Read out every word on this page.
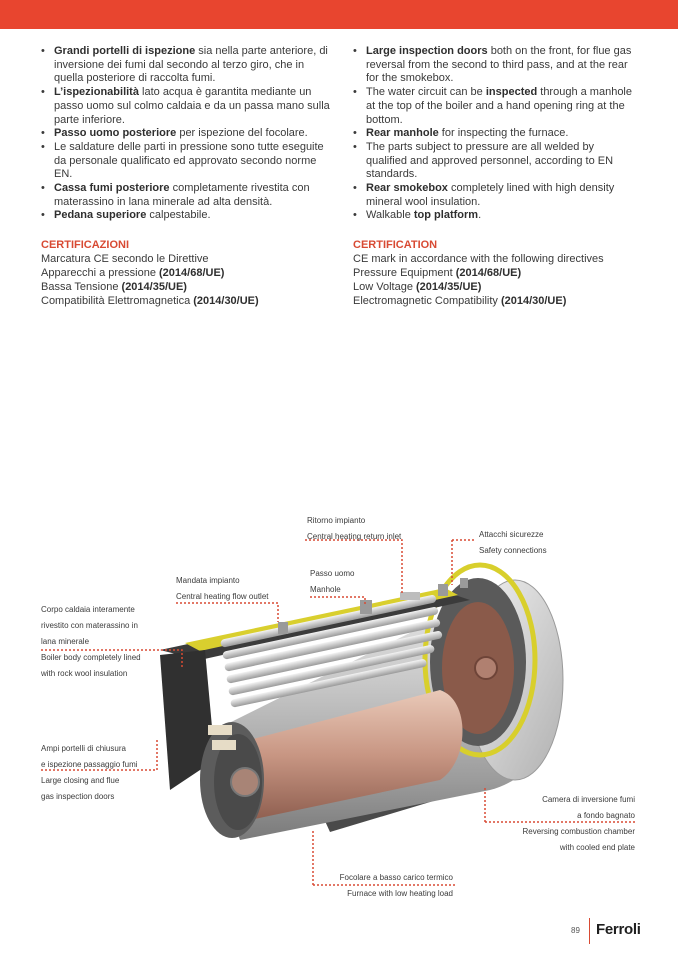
• Grandi portelli di ispezione sia nella parte anteriore, di inversione dei fumi dal secondo al terzo giro, che in quella posteriore di raccolta fumi.
• L’ispezionabilità lato acqua è garantita mediante un passo uomo sul colmo caldaia e da un passa mano sulla parte inferiore.
• Passo uomo posteriore per ispezione del focolare.
• Le saldature delle parti in pressione sono tutte eseguite da personale qualificato ed approvato secondo norme EN.
• Cassa fumi posteriore completamente rivestita con materassino in lana minerale ad alta densità.
• Pedana superiore calpestabile.
• Large inspection doors both on the front, for flue gas reversal from the second to third pass, and at the rear for the smokebox.
• The water circuit can be inspected through a manhole at the top of the boiler and a hand opening ring at the bottom.
• Rear manhole for inspecting the furnace.
• The parts subject to pressure are all welded by qualified and approved personnel, according to EN standards.
• Rear smokebox completely lined with high density mineral wool insulation.
• Walkable top platform.
CERTIFICAZIONI
Marcatura CE secondo le Direttive
Apparecchi a pressione (2014/68/UE)
Bassa Tensione (2014/35/UE)
Compatibilità Elettromagnetica (2014/30/UE)
CERTIFICATION
CE mark in accordance with the following directives
Pressure Equipment (2014/68/UE)
Low Voltage (2014/35/UE)
Electromagnetic Compatibility (2014/30/UE)
Ritorno impianto
Central heating return inlet	Attacchi sicurezze
Safety connections
Passo uomo
Manhole
Mandata impianto
Central heating flow outlet
Corpo caldaia interamente
rivestito con materassino in
lana minerale
Boiler body completely lined
with rock wool insulation
Ampi portelli di chiusura
e ispezione passaggio fumi
Large closing and flue
gas inspection doors	Camera di inversione fumi
a fondo bagnato
Reversing combustion chamber
with cooled end plate
Focolare a basso carico termico
Furnace with low heating load
89 Ferroli
